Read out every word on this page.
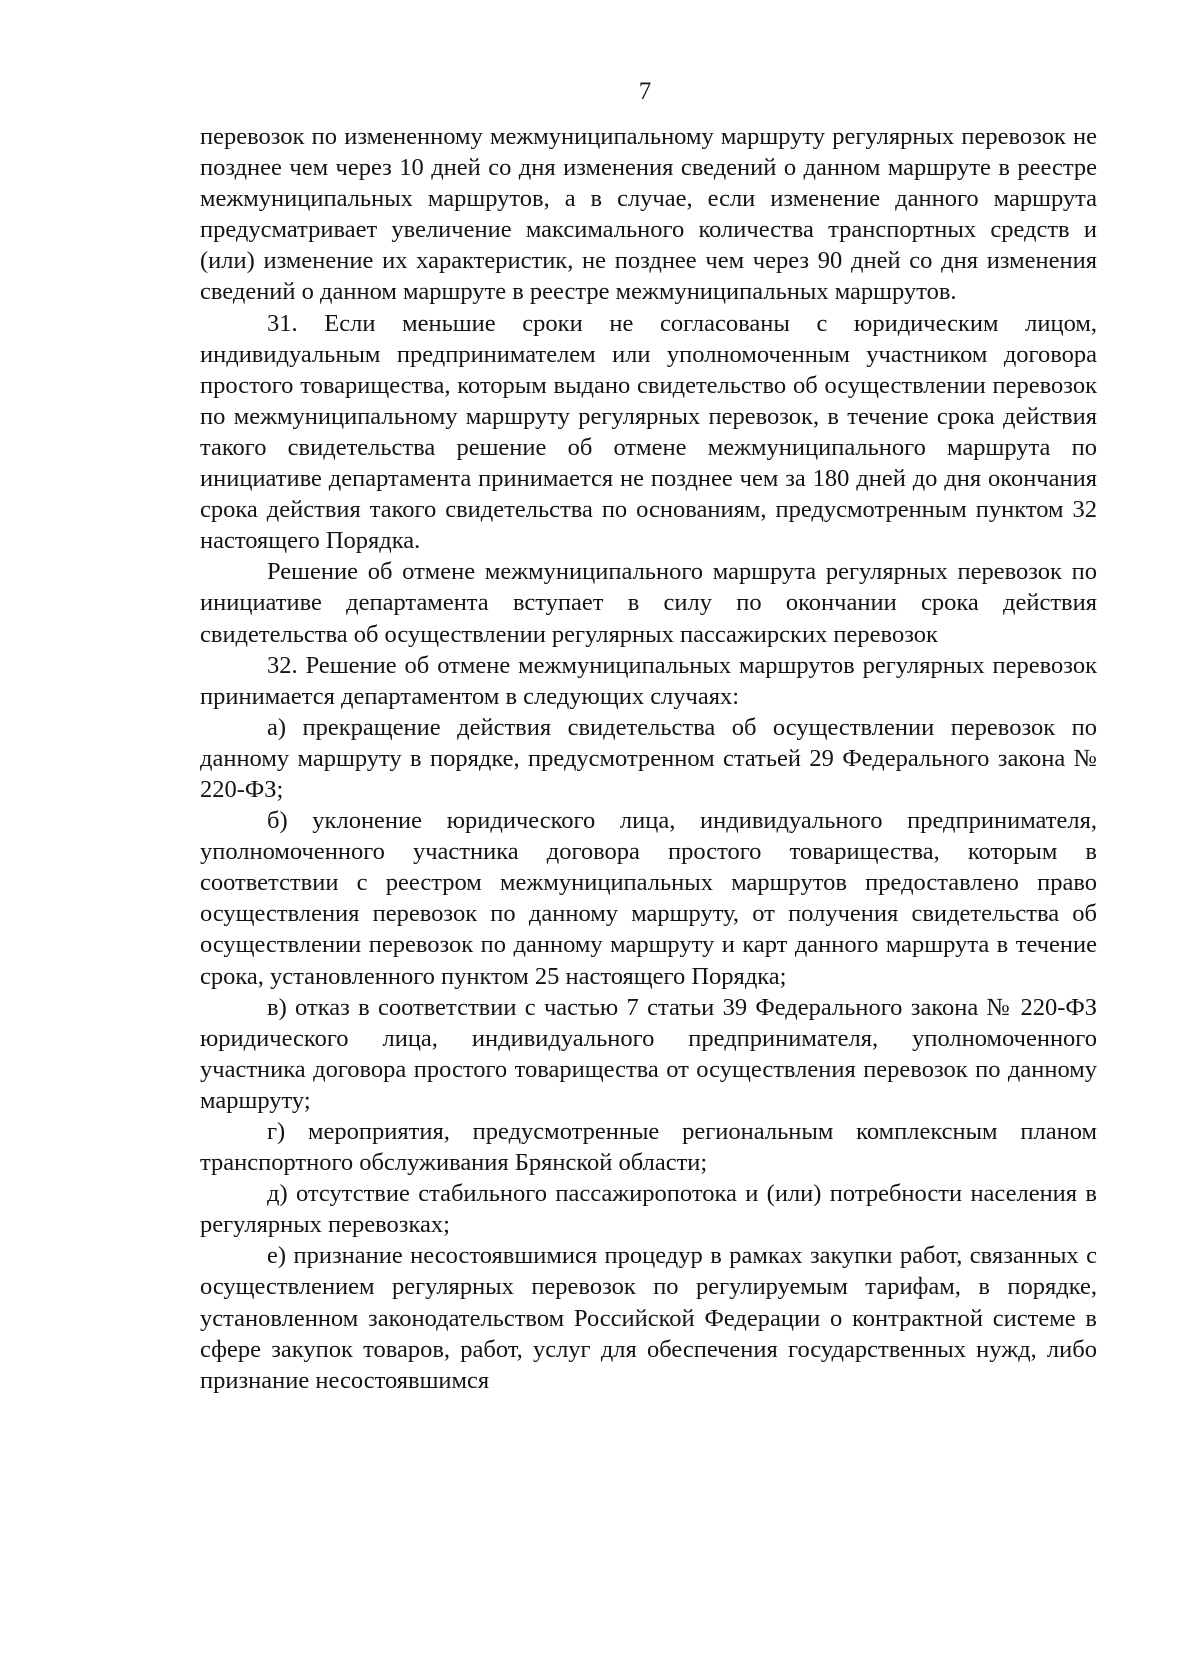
7

перевозок по измененному межмуниципальному маршруту регулярных перевозок не позднее чем через 10 дней со дня изменения сведений о данном маршруте в реестре межмуниципальных маршрутов, а в случае, если изменение данного маршрута предусматривает увеличение максимального количества транспортных средств и (или) изменение их характеристик, не позднее чем через 90 дней со дня изменения сведений о данном маршруте в реестре межмуниципальных маршрутов.

31. Если меньшие сроки не согласованы с юридическим лицом, индивидуальным предпринимателем или уполномоченным участником договора простого товарищества, которым выдано свидетельство об осуществлении перевозок по межмуниципальному маршруту регулярных перевозок, в течение срока действия такого свидетельства решение об отмене межмуниципального маршрута по инициативе департамента принимается не позднее чем за 180 дней до дня окончания срока действия такого свидетельства по основаниям, предусмотренным пунктом 32 настоящего Порядка.

Решение об отмене межмуниципального маршрута регулярных перевозок по инициативе департамента вступает в силу по окончании срока действия свидетельства об осуществлении регулярных пассажирских перевозок

32. Решение об отмене межмуниципальных маршрутов регулярных перевозок принимается департаментом в следующих случаях:

а) прекращение действия свидетельства об осуществлении перевозок по данному маршруту в порядке, предусмотренном статьей 29 Федерального закона № 220-ФЗ;

б) уклонение юридического лица, индивидуального предпринимателя, уполномоченного участника договора простого товарищества, которым в соответствии с реестром межмуниципальных маршрутов предоставлено право осуществления перевозок по данному маршруту, от получения свидетельства об осуществлении перевозок по данному маршруту и карт данного маршрута в течение срока, установленного пунктом 25 настоящего Порядка;

в) отказ в соответствии с частью 7 статьи 39 Федерального закона № 220-ФЗ юридического лица, индивидуального предпринимателя, уполномоченного участника договора простого товарищества от осуществления перевозок по данному маршруту;

г) мероприятия, предусмотренные региональным комплексным планом транспортного обслуживания Брянской области;

д) отсутствие стабильного пассажиропотока и (или) потребности населения в регулярных перевозках;

е) признание несостоявшимися процедур в рамках закупки работ, связанных с осуществлением регулярных перевозок по регулируемым тарифам, в порядке, установленном законодательством Российской Федерации о контрактной системе в сфере закупок товаров, работ, услуг для обеспечения государственных нужд, либо признание несостоявшимся
